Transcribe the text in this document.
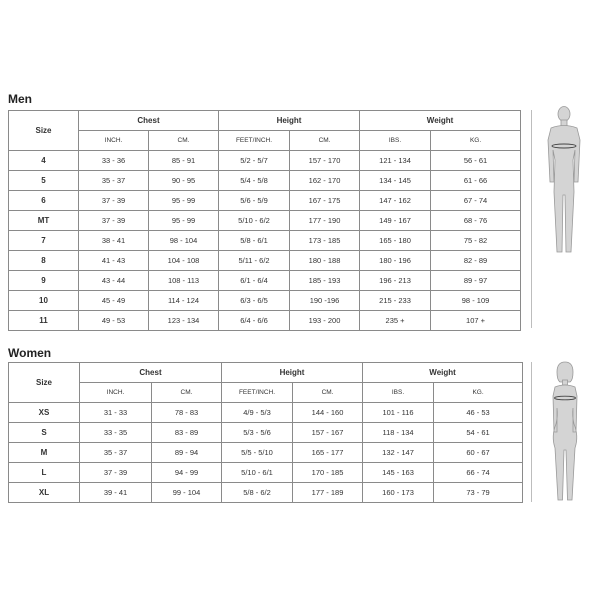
Men
Size	Chest		Height		Weight	
	INCH.	CM.	FEET/INCH.	CM.	IBS.	KG.
4	33 - 36	85 - 91	5/2 - 5/7	157 - 170	121 - 134	56 - 61
5	35 - 37	90 - 95	5/4 - 5/8	162 - 170	134 - 145	61 - 66
6	37 - 39	95 - 99	5/6 - 5/9	167 - 175	147 - 162	67 - 74
MT	37 - 39	95 - 99	5/10 - 6/2	177 - 190	149 - 167	68 - 76
7	38 - 41	98 - 104	5/8 - 6/1	173 - 185	165 - 180	75 - 82
8	41 - 43	104 - 108	5/11 - 6/2	180 - 188	180 - 196	82 - 89
9	43 - 44	108 - 113	6/1 - 6/4	185 - 193	196 - 213	89 - 97
10	45 - 49	114 - 124	6/3 - 6/5	190 -196	215 - 233	98 - 109
11	49 - 53	123 - 134	6/4 - 6/6	193 - 200	235 +	107 +
Women
Size	Chest		Height		Weight	
	INCH.	CM.	FEET/INCH.	CM.	IBS.	KG.
XS	31 - 33	78 - 83	4/9 - 5/3	144 - 160	101 - 116	46 - 53
S	33 - 35	83 - 89	5/3 - 5/6	157 - 167	118 - 134	54 - 61
M	35 - 37	89 - 94	5/5 - 5/10	165 - 177	132 - 147	60 - 67
L	37 - 39	94 - 99	5/10 - 6/1	170 - 185	145 - 163	66 - 74
XL	39 - 41	99 - 104	5/8 - 6/2	177 - 189	160 - 173	73 - 79
